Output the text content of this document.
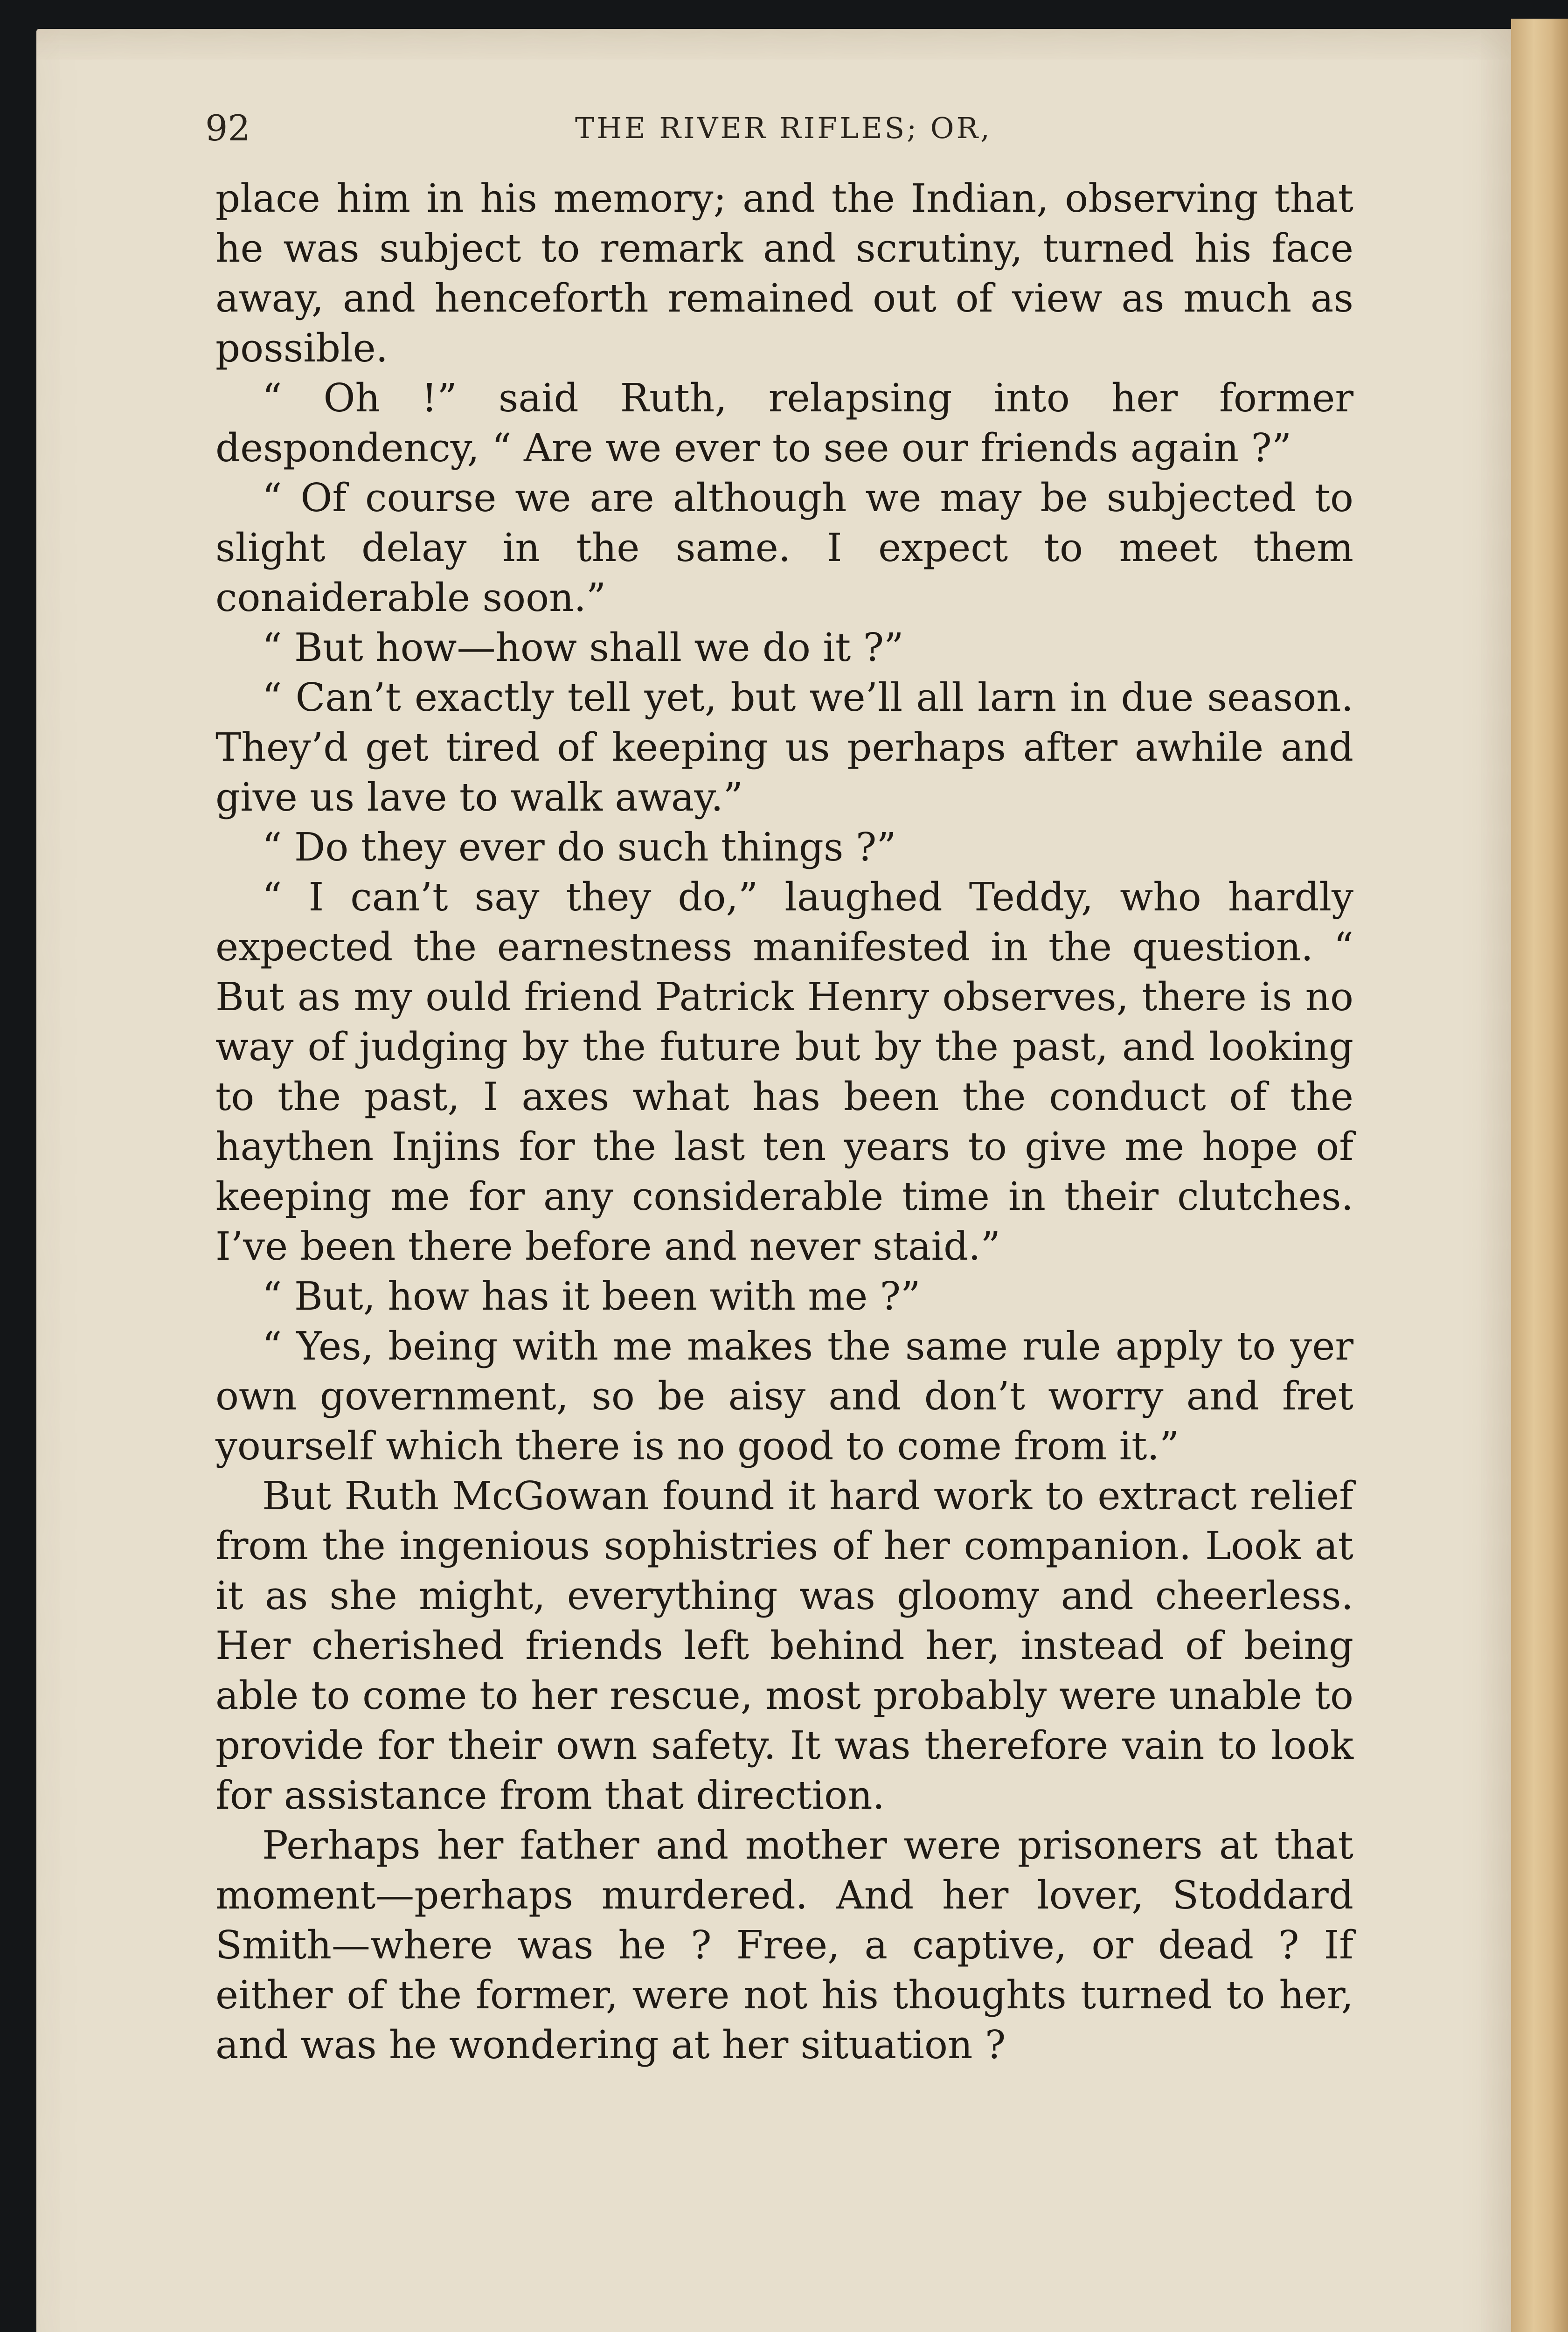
92	THE RIVER RIFLES; OR,

place him in his memory; and the Indian, observing that he was subject to remark and scrutiny, turned his face away, and henceforth remained out of view as much as possible.

“ Oh !” said Ruth, relapsing into her former despondency, “ Are we ever to see our friends again ?”

“ Of course we are although we may be subjected to slight delay in the same. I expect to meet them conaiderable soon.”

“ But how—how shall we do it ?”

“ Can’t exactly tell yet, but we’ll all larn in due season. They’d get tired of keeping us perhaps after awhile and give us lave to walk away.”

“ Do they ever do such things ?”

“ I can’t say they do,” laughed Teddy, who hardly expected the earnestness manifested in the question. “ But as my ould friend Patrick Henry observes, there is no way of judging by the future but by the past, and looking to the past, I axes what has been the conduct of the haythen Injins for the last ten years to give me hope of keeping me for any considerable time in their clutches. I’ve been there before and never staid.”

“ But, how has it been with me ?”

“ Yes, being with me makes the same rule apply to yer own government, so be aisy and don’t worry and fret yourself which there is no good to come from it.”

But Ruth McGowan found it hard work to extract relief from the ingenious sophistries of her companion. Look at it as she might, everything was gloomy and cheerless. Her cherished friends left behind her, instead of being able to come to her rescue, most probably were unable to provide for their own safety. It was therefore vain to look for assistance from that direction.

Perhaps her father and mother were prisoners at that moment—perhaps murdered. And her lover, Stoddard Smith—where was he ? Free, a captive, or dead ? If either of the former, were not his thoughts turned to her, and was he wondering at her situation ?
